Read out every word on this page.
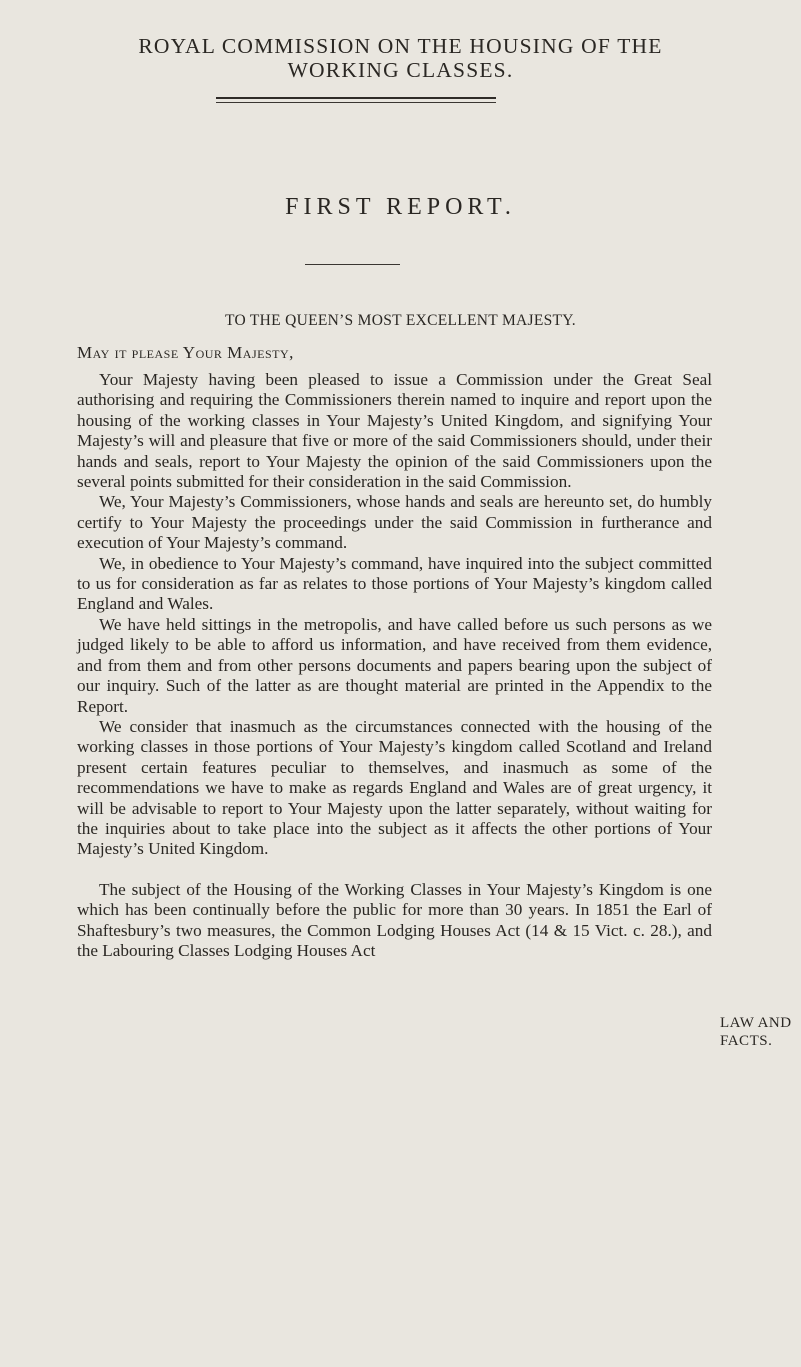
ROYAL COMMISSION ON THE HOUSING OF THE
WORKING CLASSES.
FIRST REPORT.
TO THE QUEEN’S MOST EXCELLENT MAJESTY.
May it please Your Majesty,

Your Majesty having been pleased to issue a Commission under the Great Seal authorising and requiring the Commissioners therein named to inquire and report upon the housing of the working classes in Your Majesty’s United Kingdom, and signifying Your Majesty’s will and pleasure that five or more of the said Commissioners should, under their hands and seals, report to Your Majesty the opinion of the said Commissioners upon the several points submitted for their consideration in the said Commission.

We, Your Majesty’s Commissioners, whose hands and seals are hereunto set, do humbly certify to Your Majesty the proceedings under the said Commission in furtherance and execution of Your Majesty’s command.

We, in obedience to Your Majesty’s command, have inquired into the subject committed to us for consideration as far as relates to those portions of Your Majesty’s kingdom called England and Wales.

We have held sittings in the metropolis, and have called before us such persons as we judged likely to be able to afford us information, and have received from them evidence, and from them and from other persons documents and papers bearing upon the subject of our inquiry. Such of the latter as are thought material are printed in the Appendix to the Report.

We consider that inasmuch as the circumstances connected with the housing of the working classes in those portions of Your Majesty’s kingdom called Scotland and Ireland present certain features peculiar to themselves, and inasmuch as some of the recommendations we have to make as regards England and Wales are of great urgency, it will be advisable to report to Your Majesty upon the latter separately, without waiting for the inquiries about to take place into the subject as it affects the other portions of Your Majesty’s United Kingdom.

The subject of the Housing of the Working Classes in Your Majesty’s Kingdom is one which has been continually before the public for more than 30 years. In 1851 the Earl of Shaftesbury’s two measures, the Common Lodging Houses Act (14 & 15 Vict. c. 28.), and the Labouring Classes Lodging Houses Act

LAW AND
FACTS.
